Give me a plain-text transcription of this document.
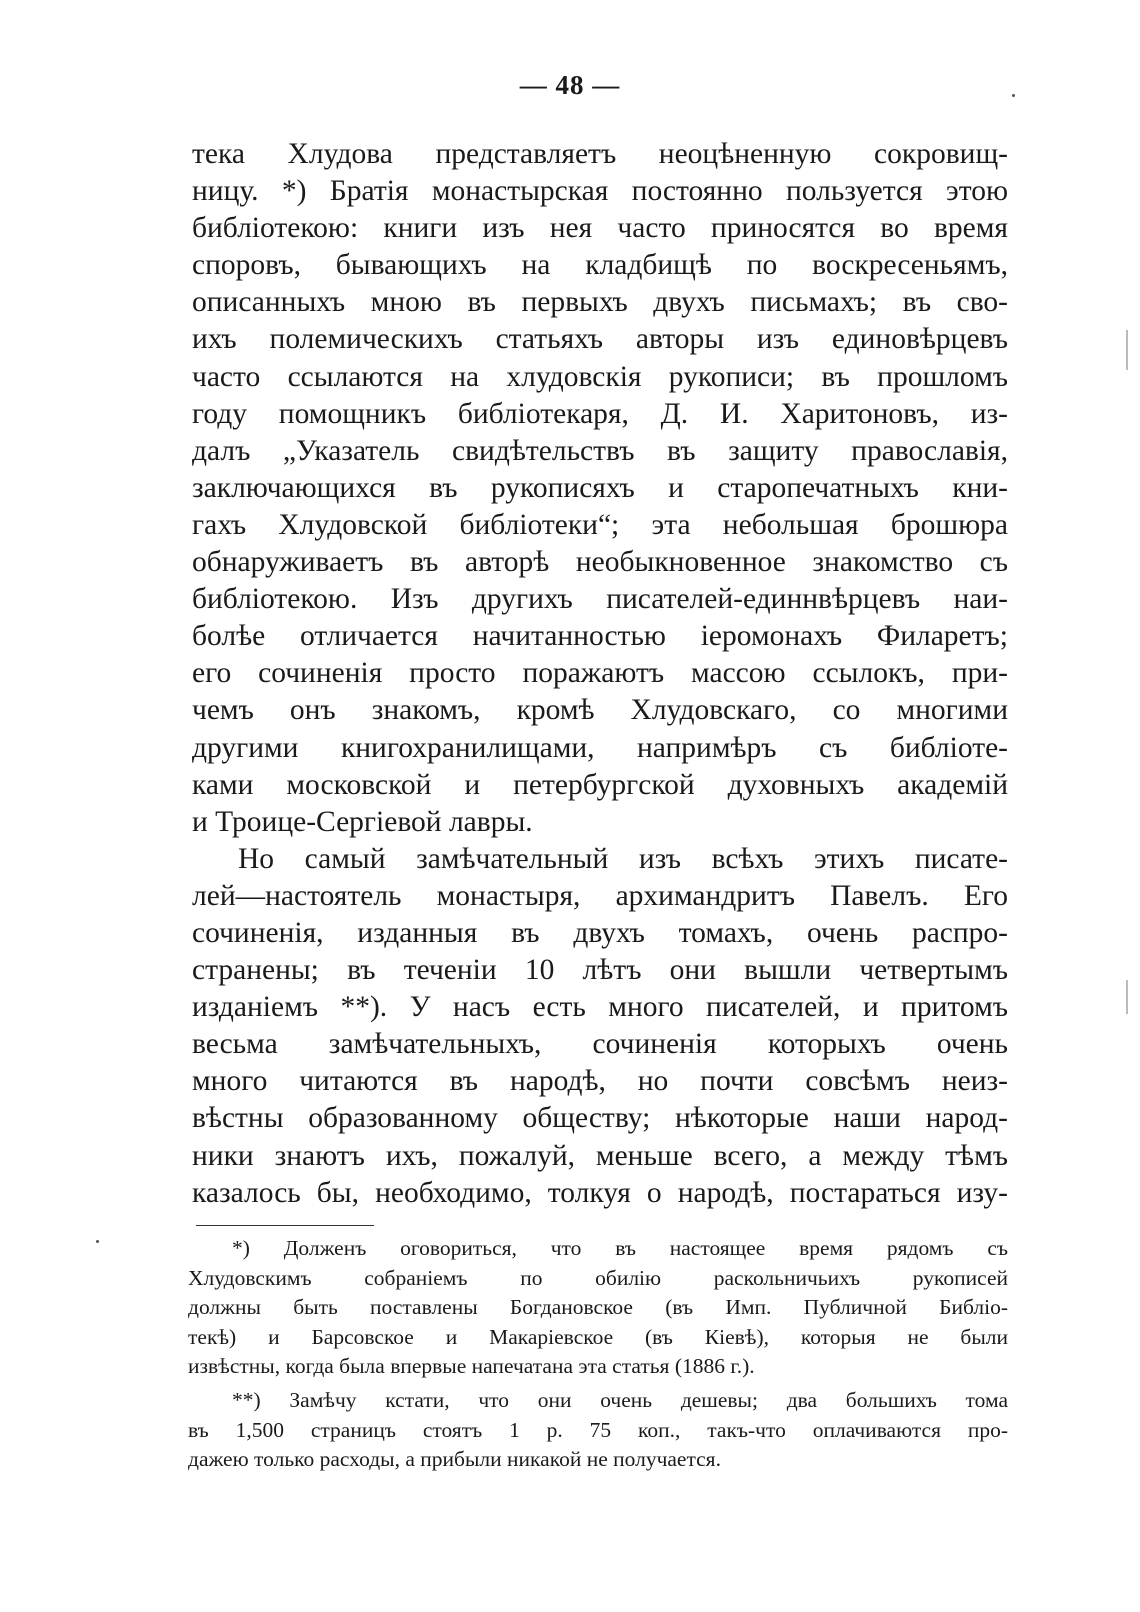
— 48 —
тека Хлудова представляетъ неоцѣненную сокровищ-
ницу. *) Братія монастырская постоянно пользуется этою
библіотекою: книги изъ нея часто приносятся во время
споровъ, бывающихъ на кладбищѣ по воскресеньямъ,
описанныхъ мною въ первыхъ двухъ письмахъ; въ сво-
ихъ полемическихъ статьяхъ авторы изъ единовѣрцевъ
часто ссылаются на хлудовскія рукописи; въ прошломъ
году помощникъ библіотекаря, Д. И. Харитоновъ, из-
далъ „Указатель свидѣтельствъ въ защиту православія,
заключающихся въ рукописяхъ и старопечатныхъ кни-
гахъ Хлудовской библіотеки“; эта небольшая брошюра
обнаруживаетъ въ авторѣ необыкновенное знакомство съ
библіотекою. Изъ другихъ писателей-единнвѣрцевъ наи-
болѣе отличается начитанностью іеромонахъ Филаретъ;
его сочиненія просто поражаютъ массою ссылокъ, при-
чемъ онъ знакомъ, кромѣ Хлудовскаго, со многими
другими книгохранилищами, напримѣръ съ библіоте-
ками московской и петербургской духовныхъ академій
и Троице-Сергіевой лавры.
Но самый замѣчательный изъ всѣхъ этихъ писате-
лей—настоятель монастыря, архимандритъ Павелъ. Его
сочиненія, изданныя въ двухъ томахъ, очень распро-
странены; въ теченіи 10 лѣтъ они вышли четвертымъ
изданіемъ **). У насъ есть много писателей, и притомъ
весьма замѣчательныхъ, сочиненія которыхъ очень
много читаются въ народѣ, но почти совсѣмъ неиз-
вѣстны образованному обществу; нѣкоторые наши народ-
ники знаютъ ихъ, пожалуй, меньше всего, а между тѣмъ
казалось бы, необходимо, толкуя о народѣ, постараться изу-
*) Долженъ оговориться, что въ настоящее время рядомъ съ
Хлудовскимъ собраніемъ по обилію раскольничьихъ рукописей
должны быть поставлены Богдановское (въ Имп. Публичной Библіо-
текѣ) и Барсовское и Макаріевское (въ Кіевѣ), которыя не были
извѣстны, когда была впервые напечатана эта статья (1886 г.).
**) Замѣчу кстати, что они очень дешевы; два большихъ тома
въ 1,500 страницъ стоятъ 1 р. 75 коп., такъ-что оплачиваются про-
дажею только расходы, а прибыли никакой не получается.
